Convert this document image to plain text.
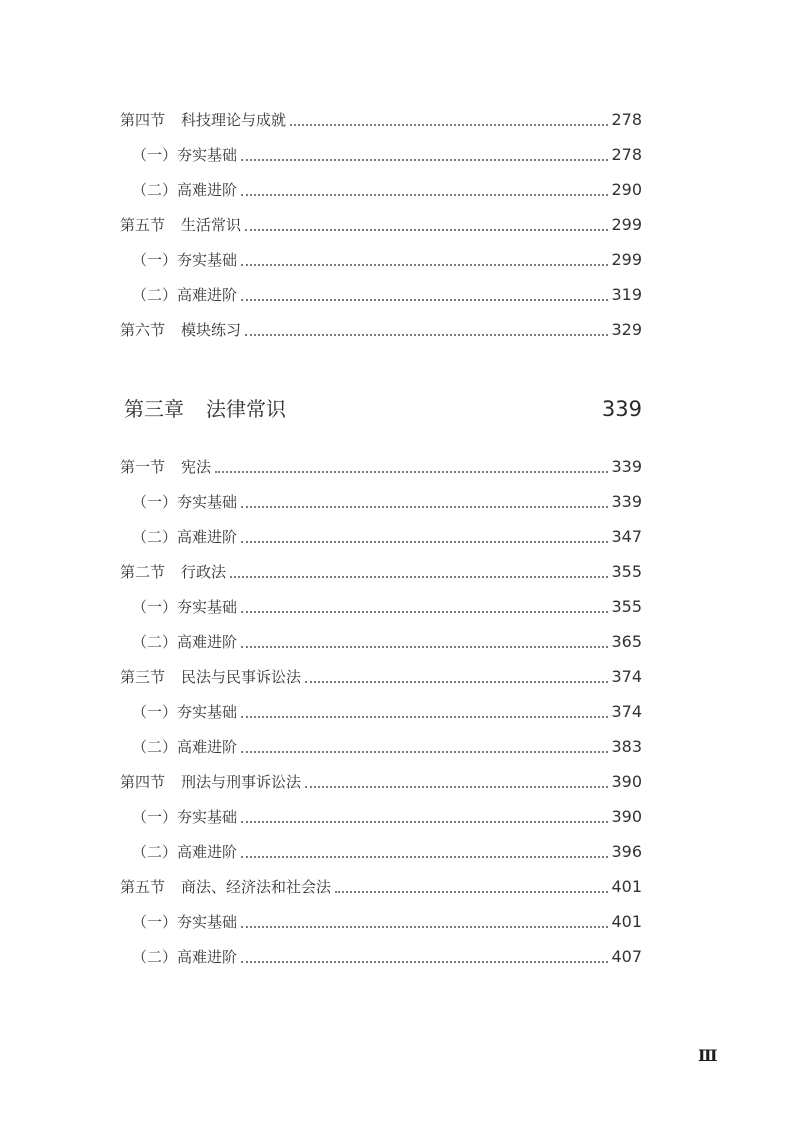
第四节 科技理论与成就	278
（一） 夯实基础	278
（二） 高难进阶	290
第五节 生活常识	299
（一） 夯实基础	299
（二） 高难进阶	319
第六节 模块练习	329
第三章 法律常识	339
第一节 宪法	339
（一） 夯实基础	339
（二） 高难进阶	347
第二节 行政法	355
（一） 夯实基础	355
（二） 高难进阶	365
第三节 民法与民事诉讼法	374
（一） 夯实基础	374
（二） 高难进阶	383
第四节 刑法与刑事诉讼法	390
（一） 夯实基础	390
（二） 高难进阶	396
第五节 商法、经济法和社会法	401
（一） 夯实基础	401
（二） 高难进阶	407
Ⅲ
